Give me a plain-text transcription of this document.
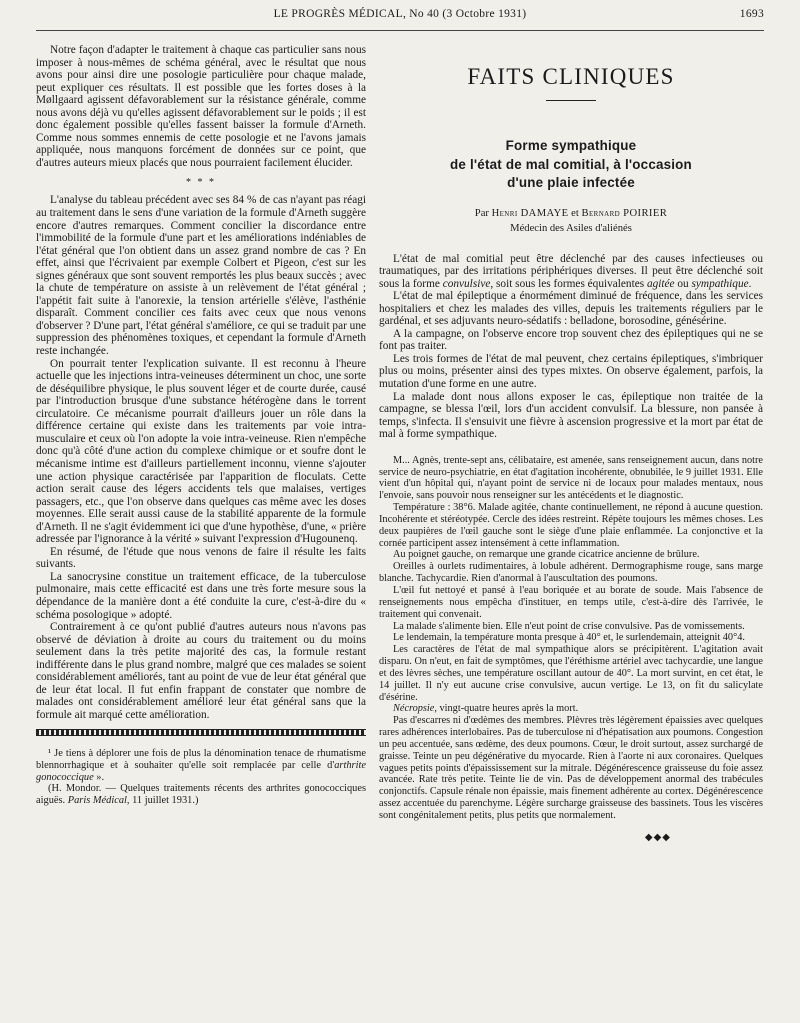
LE PROGRÈS MÉDICAL, No 40 (3 Octobre 1931)	1693

Notre façon d'adapter le traitement à chaque cas particulier sans nous imposer à nous-mêmes de schéma général, avec le résultat que nous avons pour ainsi dire une posologie particulière pour chaque malade, peut expliquer ces résultats. Il est possible que les fortes doses à la Møllgaard agissent défavorablement sur la résistance générale, comme nous avons déjà vu qu'elles agissent défavorablement sur le poids ; il est donc également possible qu'elles fassent baisser la formule d'Arneth. Comme nous sommes ennemis de cette posologie et ne l'avons jamais appliquée, nous manquons forcément de données sur ce point, que d'autres auteurs mieux placés que nous pourraient facilement élucider.

* * *

L'analyse du tableau précédent avec ses 84 % de cas n'ayant pas réagi au traitement dans le sens d'une variation de la formule d'Arneth suggère encore d'autres remarques. Comment concilier la discordance entre l'immobilité de la formule d'une part et les améliorations indéniables de l'état général que l'on obtient dans un assez grand nombre de cas ? En effet, ainsi que l'écrivaient par exemple Colbert et Pigeon, c'est sur les signes généraux que sont souvent remportés les plus beaux succès ; avec la chute de température on assiste à un relèvement de l'état général ; l'appétit fait suite à l'anorexie, la tension artérielle s'élève, l'asthénie disparaît. Comment concilier ces faits avec ceux que nous venons d'observer ? D'une part, l'état général s'améliore, ce qui se traduit par une suppression des phénomènes toxiques, et cependant la formule d'Arneth reste inchangée.

On pourrait tenter l'explication suivante. Il est reconnu à l'heure actuelle que les injections intra-veineuses déterminent un choc, une sorte de déséquilibre physique, le plus souvent léger et de courte durée, causé par l'introduction brusque d'une substance hétérogène dans le torrent circulatoire. Ce mécanisme pourrait d'ailleurs jouer un rôle dans la différence certaine qui existe dans les traitements par voie intra-musculaire et ceux où l'on adopte la voie intra-veineuse. Rien n'empêche donc qu'à côté d'une action du complexe chimique or et soufre dont le mécanisme intime est d'ailleurs partiellement inconnu, vienne s'ajouter une action physique caractérisée par l'apparition de floculats. Cette action serait cause des légers accidents tels que malaises, vertiges passagers, etc., que l'on observe dans quelques cas même avec les doses moyennes. Elle serait aussi cause de la stabilité apparente de la formule d'Arneth. Il ne s'agit évidemment ici que d'une hypothèse, d'une, « prière adressée par l'ignorance à la vérité » suivant l'expression d'Hugounenq.

En résumé, de l'étude que nous venons de faire il résulte les faits suivants.

La sanocrysine constitue un traitement efficace, de la tuberculose pulmonaire, mais cette efficacité est dans une très forte mesure sous la dépendance de la manière dont a été conduite la cure, c'est-à-dire du « schéma posologique » adopté.

Contrairement à ce qu'ont publié d'autres auteurs nous n'avons pas observé de déviation à droite au cours du traitement ou du moins seulement dans la très petite majorité des cas, la formule restant indifférente dans le plus grand nombre, malgré que ces malades se soient considérablement améliorés, tant au point de vue de leur état général que de leur état local. Il fut enfin frappant de constater que nombre de malades ont considérablement amélioré leur état général sans que la formule ait marqué cette amélioration.

¹ Je tiens à déplorer une fois de plus la dénomination tenace de rhumatisme blennorrhagique et à souhaiter qu'elle soit remplacée par celle d'arthrite gonococcique ».

(H. Mondor. — Quelques traitements récents des arthrites gonococciques aiguës. Paris Médical, 11 juillet 1931.)

FAITS CLINIQUES
Forme sympathique
de l'état de mal comitial, à l'occasion
d'une plaie infectée
Par Henri DAMAYE et Bernard POIRIER
Médecin des Asiles d'aliénés

L'état de mal comitial peut être déclenché par des causes infectieuses ou traumatiques, par des irritations périphériques diverses. Il peut être déclenché soit sous la forme convulsive, soit sous les formes équivalentes agitée ou sympathique.

L'état de mal épileptique a énormément diminué de fréquence, dans les services hospitaliers et chez les malades des villes, depuis les traitements réguliers par le gardénal, et ses adjuvants neuro-sédatifs : belladone, borosodine, génésérine.

A la campagne, on l'observe encore trop souvent chez des épileptiques qui ne se font pas traiter.

Les trois formes de l'état de mal peuvent, chez certains épileptiques, s'imbriquer plus ou moins, présenter ainsi des types mixtes. On observe également, parfois, la mutation d'une forme en une autre.

La malade dont nous allons exposer le cas, épileptique non traitée de la campagne, se blessa l'œil, lors d'un accident convulsif. La blessure, non pansée à temps, s'infecta. Il s'ensuivit une fièvre à ascension progressive et la mort par état de mal à forme sympathique.

M... Agnès, trente-sept ans, célibataire, est amenée, sans renseignement aucun, dans notre service de neuro-psychiatrie, en état d'agitation incohérente, obnubilée, le 9 juillet 1931. Elle vient d'un hôpital qui, n'ayant point de service ni de locaux pour malades mentaux, nous l'envoie, sans pouvoir nous renseigner sur les antécédents et le diagnostic.

Température : 38°6. Malade agitée, chante continuellement, ne répond à aucune question. Incohérente et stéréotypée. Cercle des idées restreint. Répète toujours les mêmes choses. Les deux paupières de l'œil gauche sont le siège d'une plaie enflammée. La conjonctive et la cornée participent assez intensément à cette inflammation.

Au poignet gauche, on remarque une grande cicatrice ancienne de brûlure.

Oreilles à ourlets rudimentaires, à lobule adhérent. Dermographisme rouge, sans marge blanche. Tachycardie. Rien d'anormal à l'auscultation des poumons.

L'œil fut nettoyé et pansé à l'eau boriquée et au borate de soude. Mais l'absence de renseignements nous empêcha d'instituer, en temps utile, c'est-à-dire dès l'arrivée, le traitement qui convenait.

La malade s'alimente bien. Elle n'eut point de crise convulsive. Pas de vomissements.

Le lendemain, la température monta presque à 40° et, le surlendemain, atteignit 40°4.

Les caractères de l'état de mal sympathique alors se précipitèrent. L'agitation avait disparu. On n'eut, en fait de symptômes, que l'éréthisme artériel avec tachycardie, une langue et des lèvres sèches, une température oscillant autour de 40°. La mort survint, en cet état, le 14 juillet. Il n'y eut aucune crise convulsive, aucun vertige. Le 13, on fit du salicylate d'ésérine.

Nécropsie, vingt-quatre heures après la mort.

Pas d'escarres ni d'œdèmes des membres. Plèvres très légèrement épaissies avec quelques rares adhérences interlobaires. Pas de tuberculose ni d'hépatisation aux poumons. Congestion un peu accentuée, sans œdème, des deux poumons. Cœur, le droit surtout, assez surchargé de graisse. Teinte un peu dégénérative du myocarde. Rien à l'aorte ni aux coronaires. Quelques vagues petits points d'épaississement sur la mitrale. Dégénérescence graisseuse du foie assez avancée. Rate très petite. Teinte lie de vin. Pas de développement anormal des trabécules conjonctifs. Capsule rénale non épaissie, mais finement adhérente au cortex. Dégénérescence assez accentuée du parenchyme. Légère surcharge graisseuse des bassinets. Tous les viscères sont congénitalement petits, plus petits que normalement.

◆◆◆
